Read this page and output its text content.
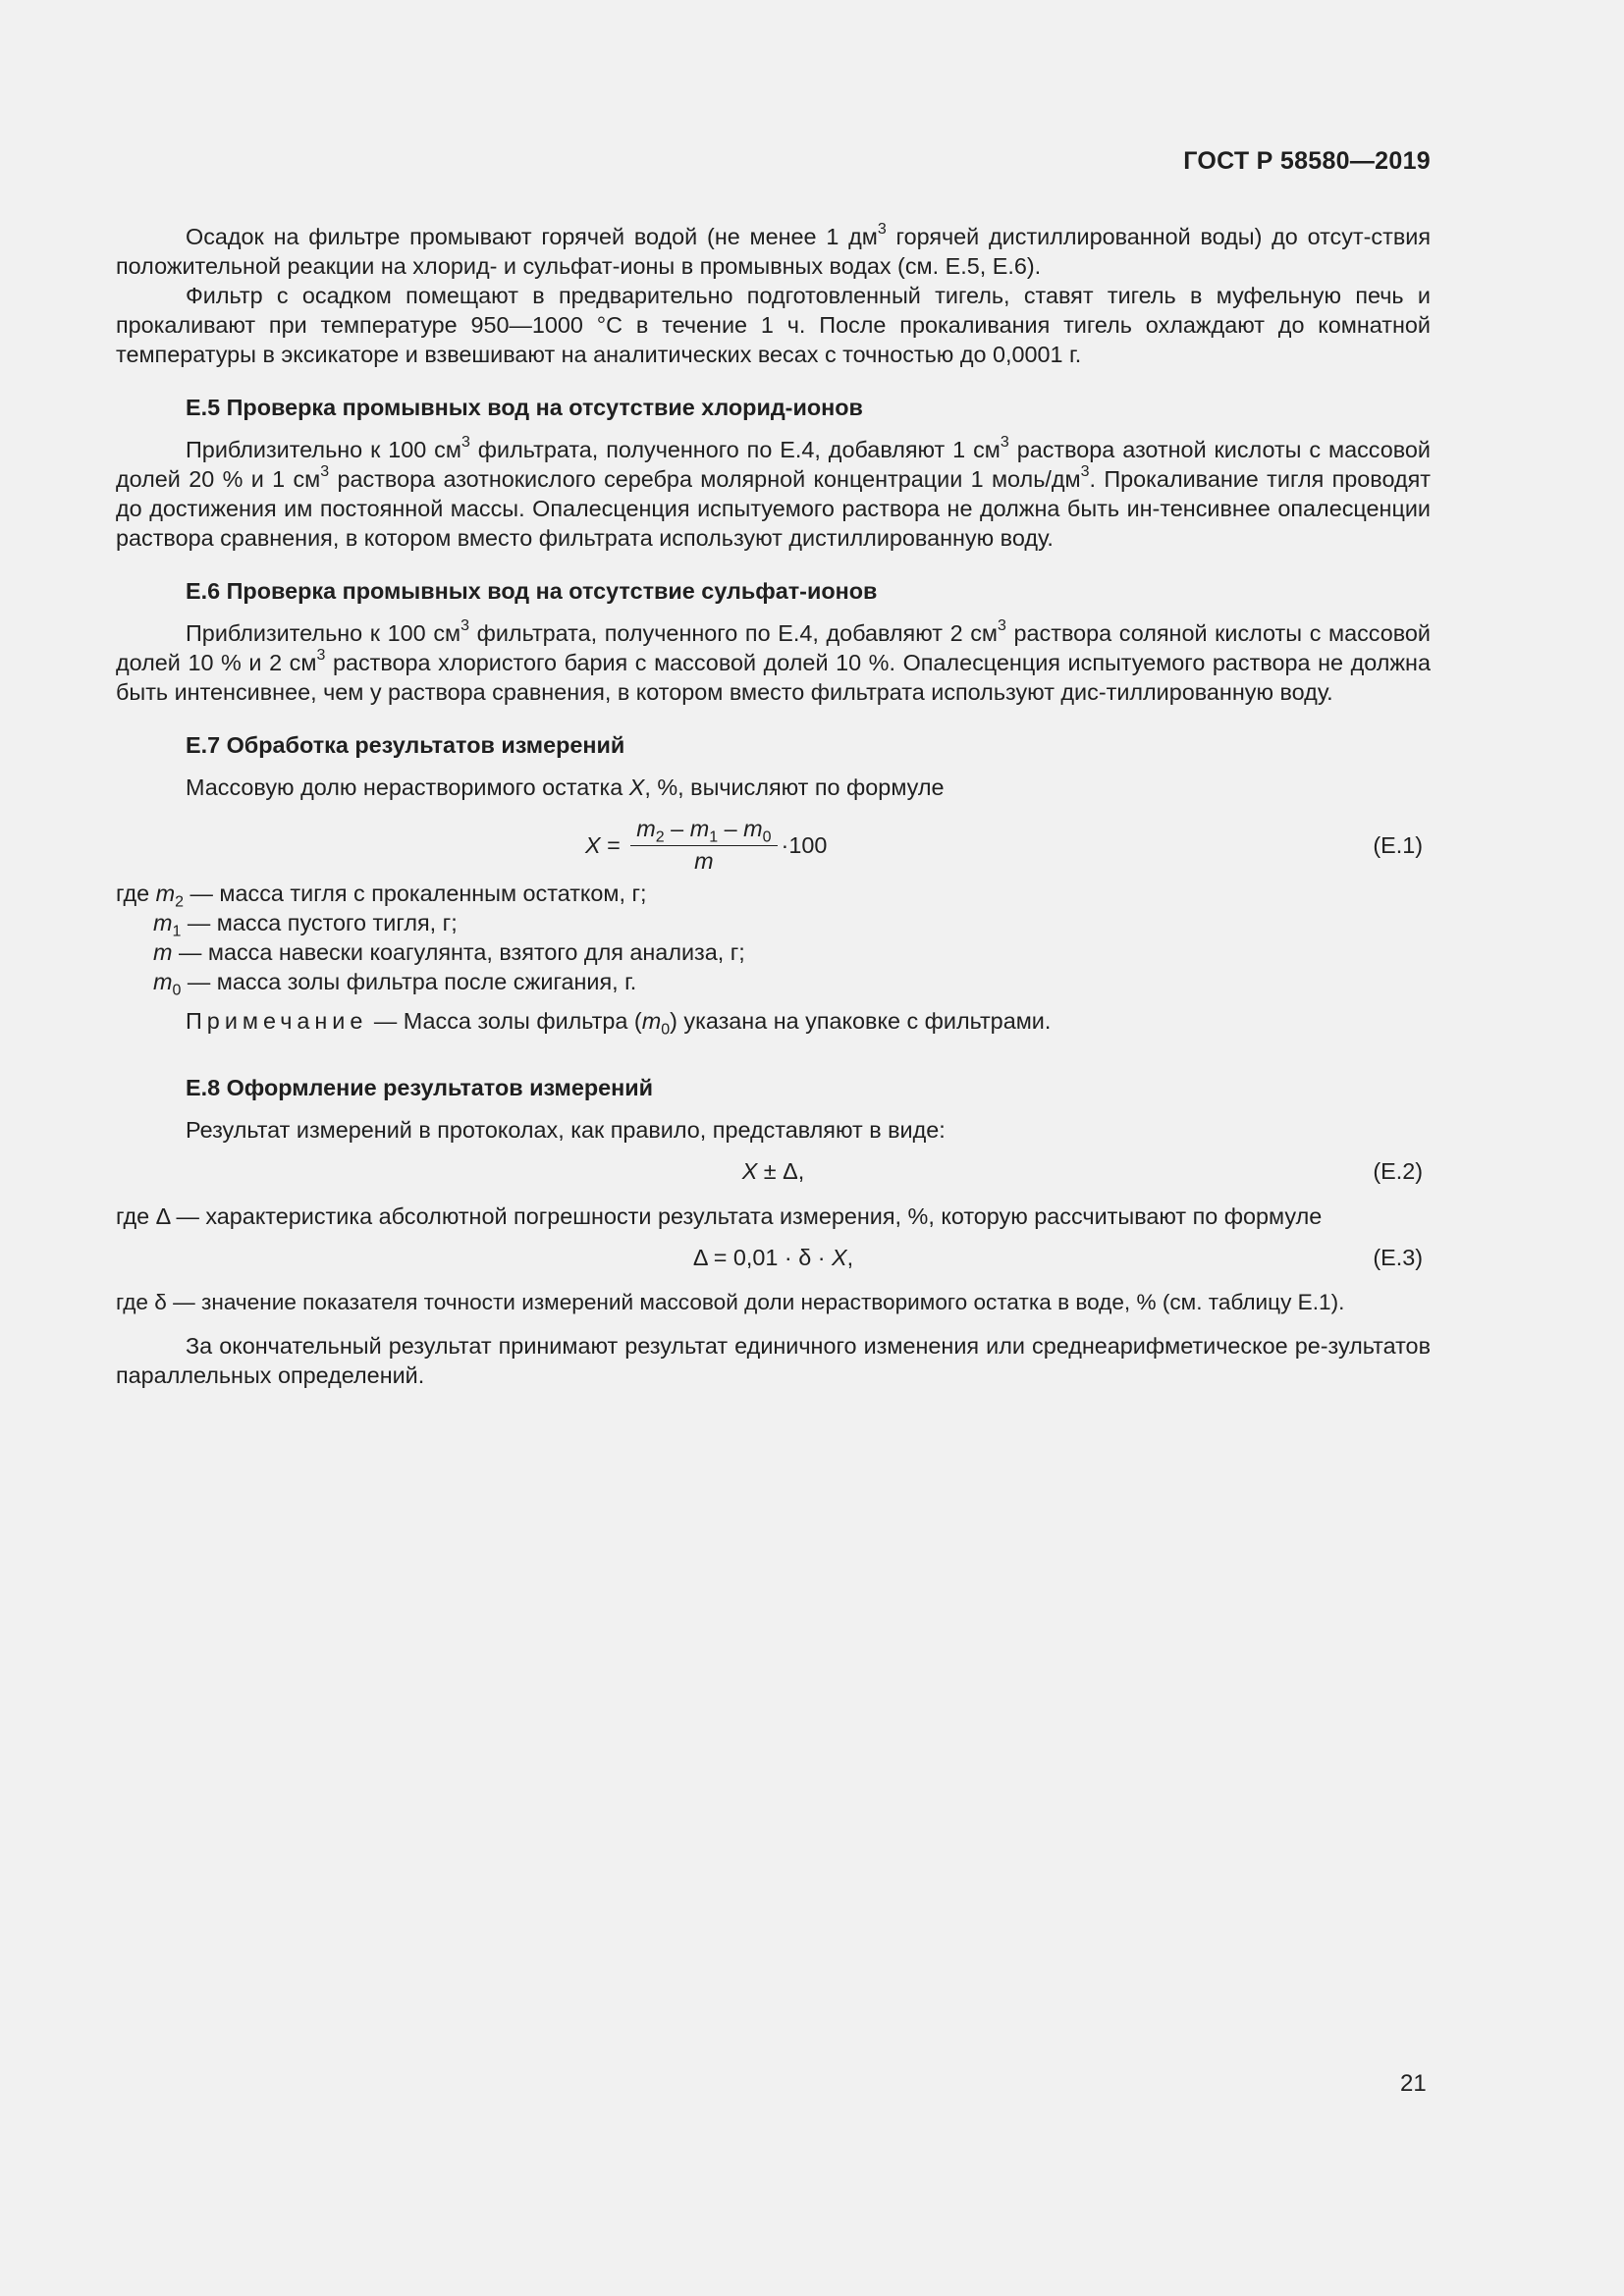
ГОСТ Р 58580—2019

Осадок на фильтре промывают горячей водой (не менее 1 $дм^3$ горячей дистиллированной воды) до отсут-ствия положительной реакции на хлорид- и сульфат-ионы в промывных водах (см. Е.5, Е.6).

Фильтр с осадком помещают в предварительно подготовленный тигель, ставят тигель в муфельную печь и прокаливают при температуре 950—1000 °С в течение 1 ч. После прокаливания тигель охлаждают до комнатной температуры в эксикаторе и взвешивают на аналитических весах с точностью до 0,0001 г.

Е.5 Проверка промывных вод на отсутствие хлорид-ионов

Приблизительно к 100 $см^3$ фильтрата, полученного по Е.4, добавляют 1 $см^3$ раствора азотной кислоты с массовой долей 20 % и 1 $см^3$ раствора азотнокислого серебра молярной концентрации 1 моль/$дм^3$. Прокаливание тигля проводят до достижения им постоянной массы. Опалесценция испытуемого раствора не должна быть ин-тенсивнее опалесценции раствора сравнения, в котором вместо фильтрата используют дистиллированную воду.

Е.6 Проверка промывных вод на отсутствие сульфат-ионов

Приблизительно к 100 $см^3$ фильтрата, полученного по Е.4, добавляют 2 $см^3$ раствора соляной кислоты с массовой долей 10 % и 2 $см^3$ раствора хлористого бария с массовой долей 10 %. Опалесценция испытуемого раствора не должна быть интенсивнее, чем у раствора сравнения, в котором вместо фильтрата используют дис-тиллированную воду.

Е.7 Обработка результатов измерений

Массовую долю нерастворимого остатка X, %, вычисляют по формуле

$X = \frac{m_2 - m_1 - m_0}{m} \cdot 100$	(Е.1)
где $m_2$ — масса тигля с прокаленным остатком, г;
$m_1$ — масса пустого тигля, г;
m — масса навески коагулянта, взятого для анализа, г;
$m_0$ — масса золы фильтра после сжигания, г.
Примечание — Масса золы фильтра $(m_0)$ указана на упаковке с фильтрами.
Е.8 Оформление результатов измерений

Результат измерений в протоколах, как правило, представляют в виде:

X ± Δ,	(Е.2)

где Δ — характеристика абсолютной погрешности результата измерения, %, которую рассчитывают по формуле

Δ = 0,01 · δ · X,	(Е.3)

где δ — значение показателя точности измерений массовой доли нерастворимого остатка в воде, % (см. таблицу Е.1).

За окончательный результат принимают результат единичного изменения или среднеарифметическое ре-зультатов параллельных определений.

21
